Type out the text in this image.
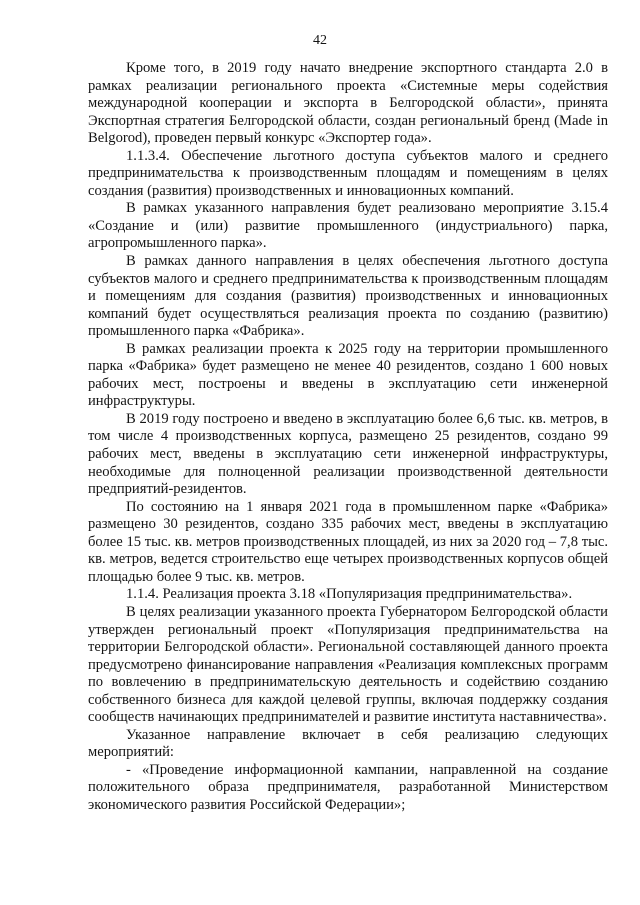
42

Кроме того, в 2019 году начато внедрение экспортного стандарта 2.0 в рамках реализации регионального проекта «Системные меры содействия международной кооперации и экспорта в Белгородской области», принята Экспортная стратегия Белгородской области, создан региональный бренд (Made in Belgorod), проведен первый конкурс «Экспортер года».

1.1.3.4. Обеспечение льготного доступа субъектов малого и среднего предпринимательства к производственным площадям и помещениям в целях создания (развития) производственных и инновационных компаний.

В рамках указанного направления будет реализовано мероприятие 3.15.4 «Создание и (или) развитие промышленного (индустриального) парка, агропромышленного парка».

В рамках данного направления в целях обеспечения льготного доступа субъектов малого и среднего предпринимательства к производственным площадям и помещениям для создания (развития) производственных и инновационных компаний будет осуществляться реализация проекта по созданию (развитию) промышленного парка «Фабрика».

В рамках реализации проекта к 2025 году на территории промышленного парка «Фабрика» будет размещено не менее 40 резидентов, создано 1 600 новых рабочих мест, построены и введены в эксплуатацию сети инженерной инфраструктуры.

В 2019 году построено и введено в эксплуатацию более 6,6 тыс. кв. метров, в том числе 4 производственных корпуса, размещено 25 резидентов, создано 99 рабочих мест, введены в эксплуатацию сети инженерной инфраструктуры, необходимые для полноценной реализации производственной деятельности предприятий-резидентов.

По состоянию на 1 января 2021 года в промышленном парке «Фабрика» размещено 30 резидентов, создано 335 рабочих мест, введены в эксплуатацию более 15 тыс. кв. метров производственных площадей, из них за 2020 год – 7,8 тыс. кв. метров, ведется строительство еще четырех производственных корпусов общей площадью более 9 тыс. кв. метров.

1.1.4. Реализация проекта 3.18 «Популяризация предпринимательства».

В целях реализации указанного проекта Губернатором Белгородской области утвержден региональный проект «Популяризация предпринимательства на территории Белгородской области». Региональной составляющей данного проекта предусмотрено финансирование направления «Реализация комплексных программ по вовлечению в предпринимательскую деятельность и содействию созданию собственного бизнеса для каждой целевой группы, включая поддержку создания сообществ начинающих предпринимателей и развитие института наставничества».

Указанное направление включает в себя реализацию следующих мероприятий:

- «Проведение информационной кампании, направленной на создание положительного образа предпринимателя, разработанной Министерством экономического развития Российской Федерации»;
